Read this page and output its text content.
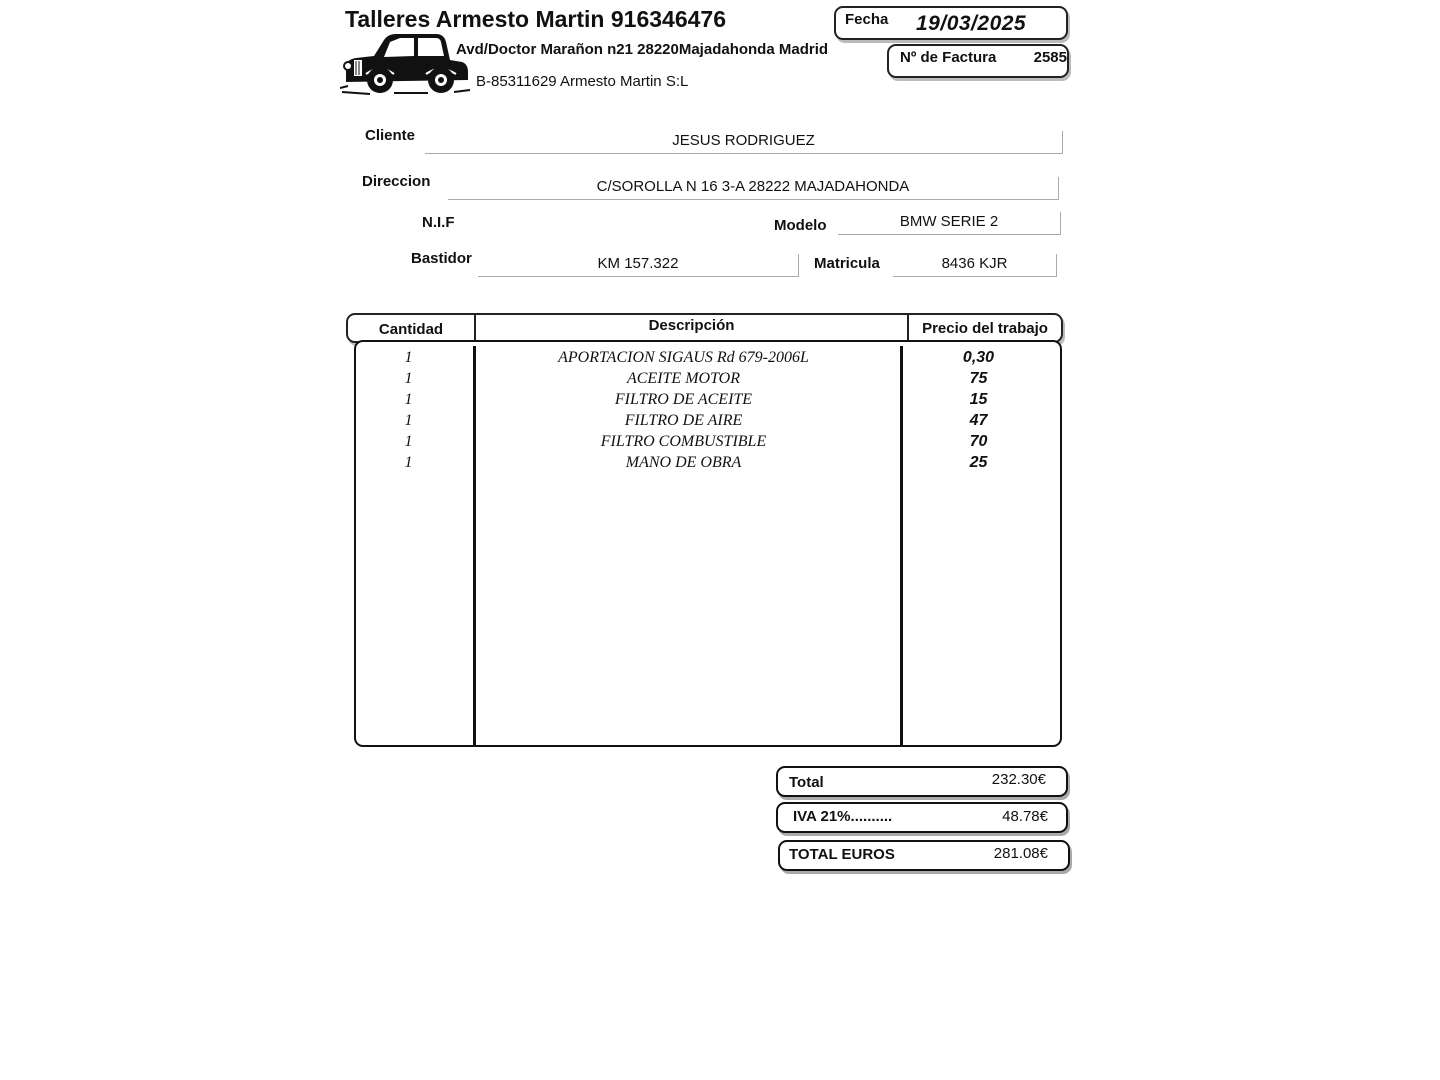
Talleres Armesto Martin 916346476
Avd/Doctor Marañon n21 28220Majadahonda Madrid
B-85311629 Armesto Martin S:L
Fecha 19/03/2025
Nº de Factura 2585
Cliente	JESUS RODRIGUEZ
Direccion	C/SOROLLA N 16 3-A 28222 MAJADAHONDA
N.I.F	Modelo	BMW SERIE 2
Bastidor	KM 157.322	Matricula	8436 KJR
Cantidad	Descripción	Precio del trabajo
1	APORTACION SIGAUS Rd 679-2006L	0,30
1	ACEITE MOTOR	75
1	FILTRO DE ACEITE	15
1	FILTRO DE AIRE	47
1	FILTRO COMBUSTIBLE	70
1	MANO DE OBRA	25
Total	232.30€
IVA 21%..........	48.78€
TOTAL EUROS	281.08€
